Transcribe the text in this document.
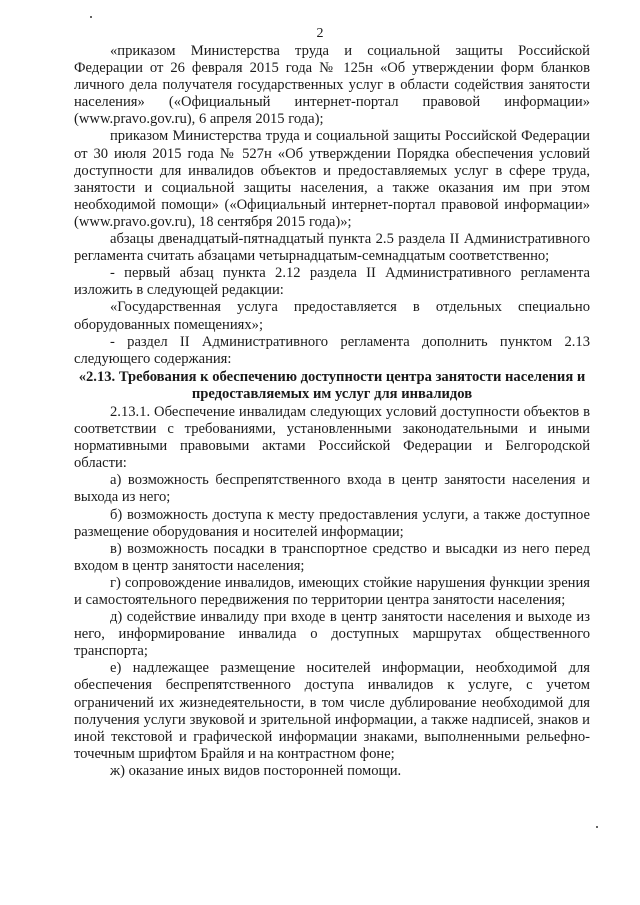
2

«приказом Министерства труда и социальной защиты Российской Федерации от 26 февраля 2015 года № 125н «Об утверждении форм бланков личного дела получателя государственных услуг в области содействия занятости населения» («Официальный интернет-портал правовой информации» (www.pravo.gov.ru), 6 апреля 2015 года);

приказом Министерства труда и социальной защиты Российской Федерации от 30 июля 2015 года № 527н «Об утверждении Порядка обеспечения условий доступности для инвалидов объектов и предоставляемых услуг в сфере труда, занятости и социальной защиты населения, а также оказания им при этом необходимой помощи» («Официальный интернет-портал правовой информации» (www.pravo.gov.ru), 18 сентября 2015 года)»;

абзацы двенадцатый-пятнадцатый пункта 2.5 раздела II Административного регламента считать абзацами четырнадцатым-семнадцатым соответственно;

- первый абзац пункта 2.12 раздела II Административного регламента изложить в следующей редакции:

«Государственная услуга предоставляется в отдельных специально оборудованных помещениях»;

- раздел II Административного регламента дополнить пунктом 2.13 следующего содержания:

«2.13. Требования к обеспечению доступности центра занятости населения и предоставляемых им услуг для инвалидов

2.13.1. Обеспечение инвалидам следующих условий доступности объектов в соответствии с требованиями, установленными законодательными и иными нормативными правовыми актами Российской Федерации и Белгородской области:

а) возможность беспрепятственного входа в центр занятости населения и выхода из него;

б) возможность доступа к месту предоставления услуги, а также доступное размещение оборудования и носителей информации;

в) возможность посадки в транспортное средство и высадки из него перед входом в центр занятости населения;

г) сопровождение инвалидов, имеющих стойкие нарушения функции зрения и самостоятельного передвижения по территории центра занятости населения;

д) содействие инвалиду при входе в центр занятости населения и выходе из него, информирование инвалида о доступных маршрутах общественного транспорта;

е) надлежащее размещение носителей информации, необходимой для обеспечения беспрепятственного доступа инвалидов к услуге, с учетом ограничений их жизнедеятельности, в том числе дублирование необходимой для получения услуги звуковой и зрительной информации, а также надписей, знаков и иной текстовой и графической информации знаками, выполненными рельефно-точечным шрифтом Брайля и на контрастном фоне;

ж) оказание иных видов посторонней помощи.
